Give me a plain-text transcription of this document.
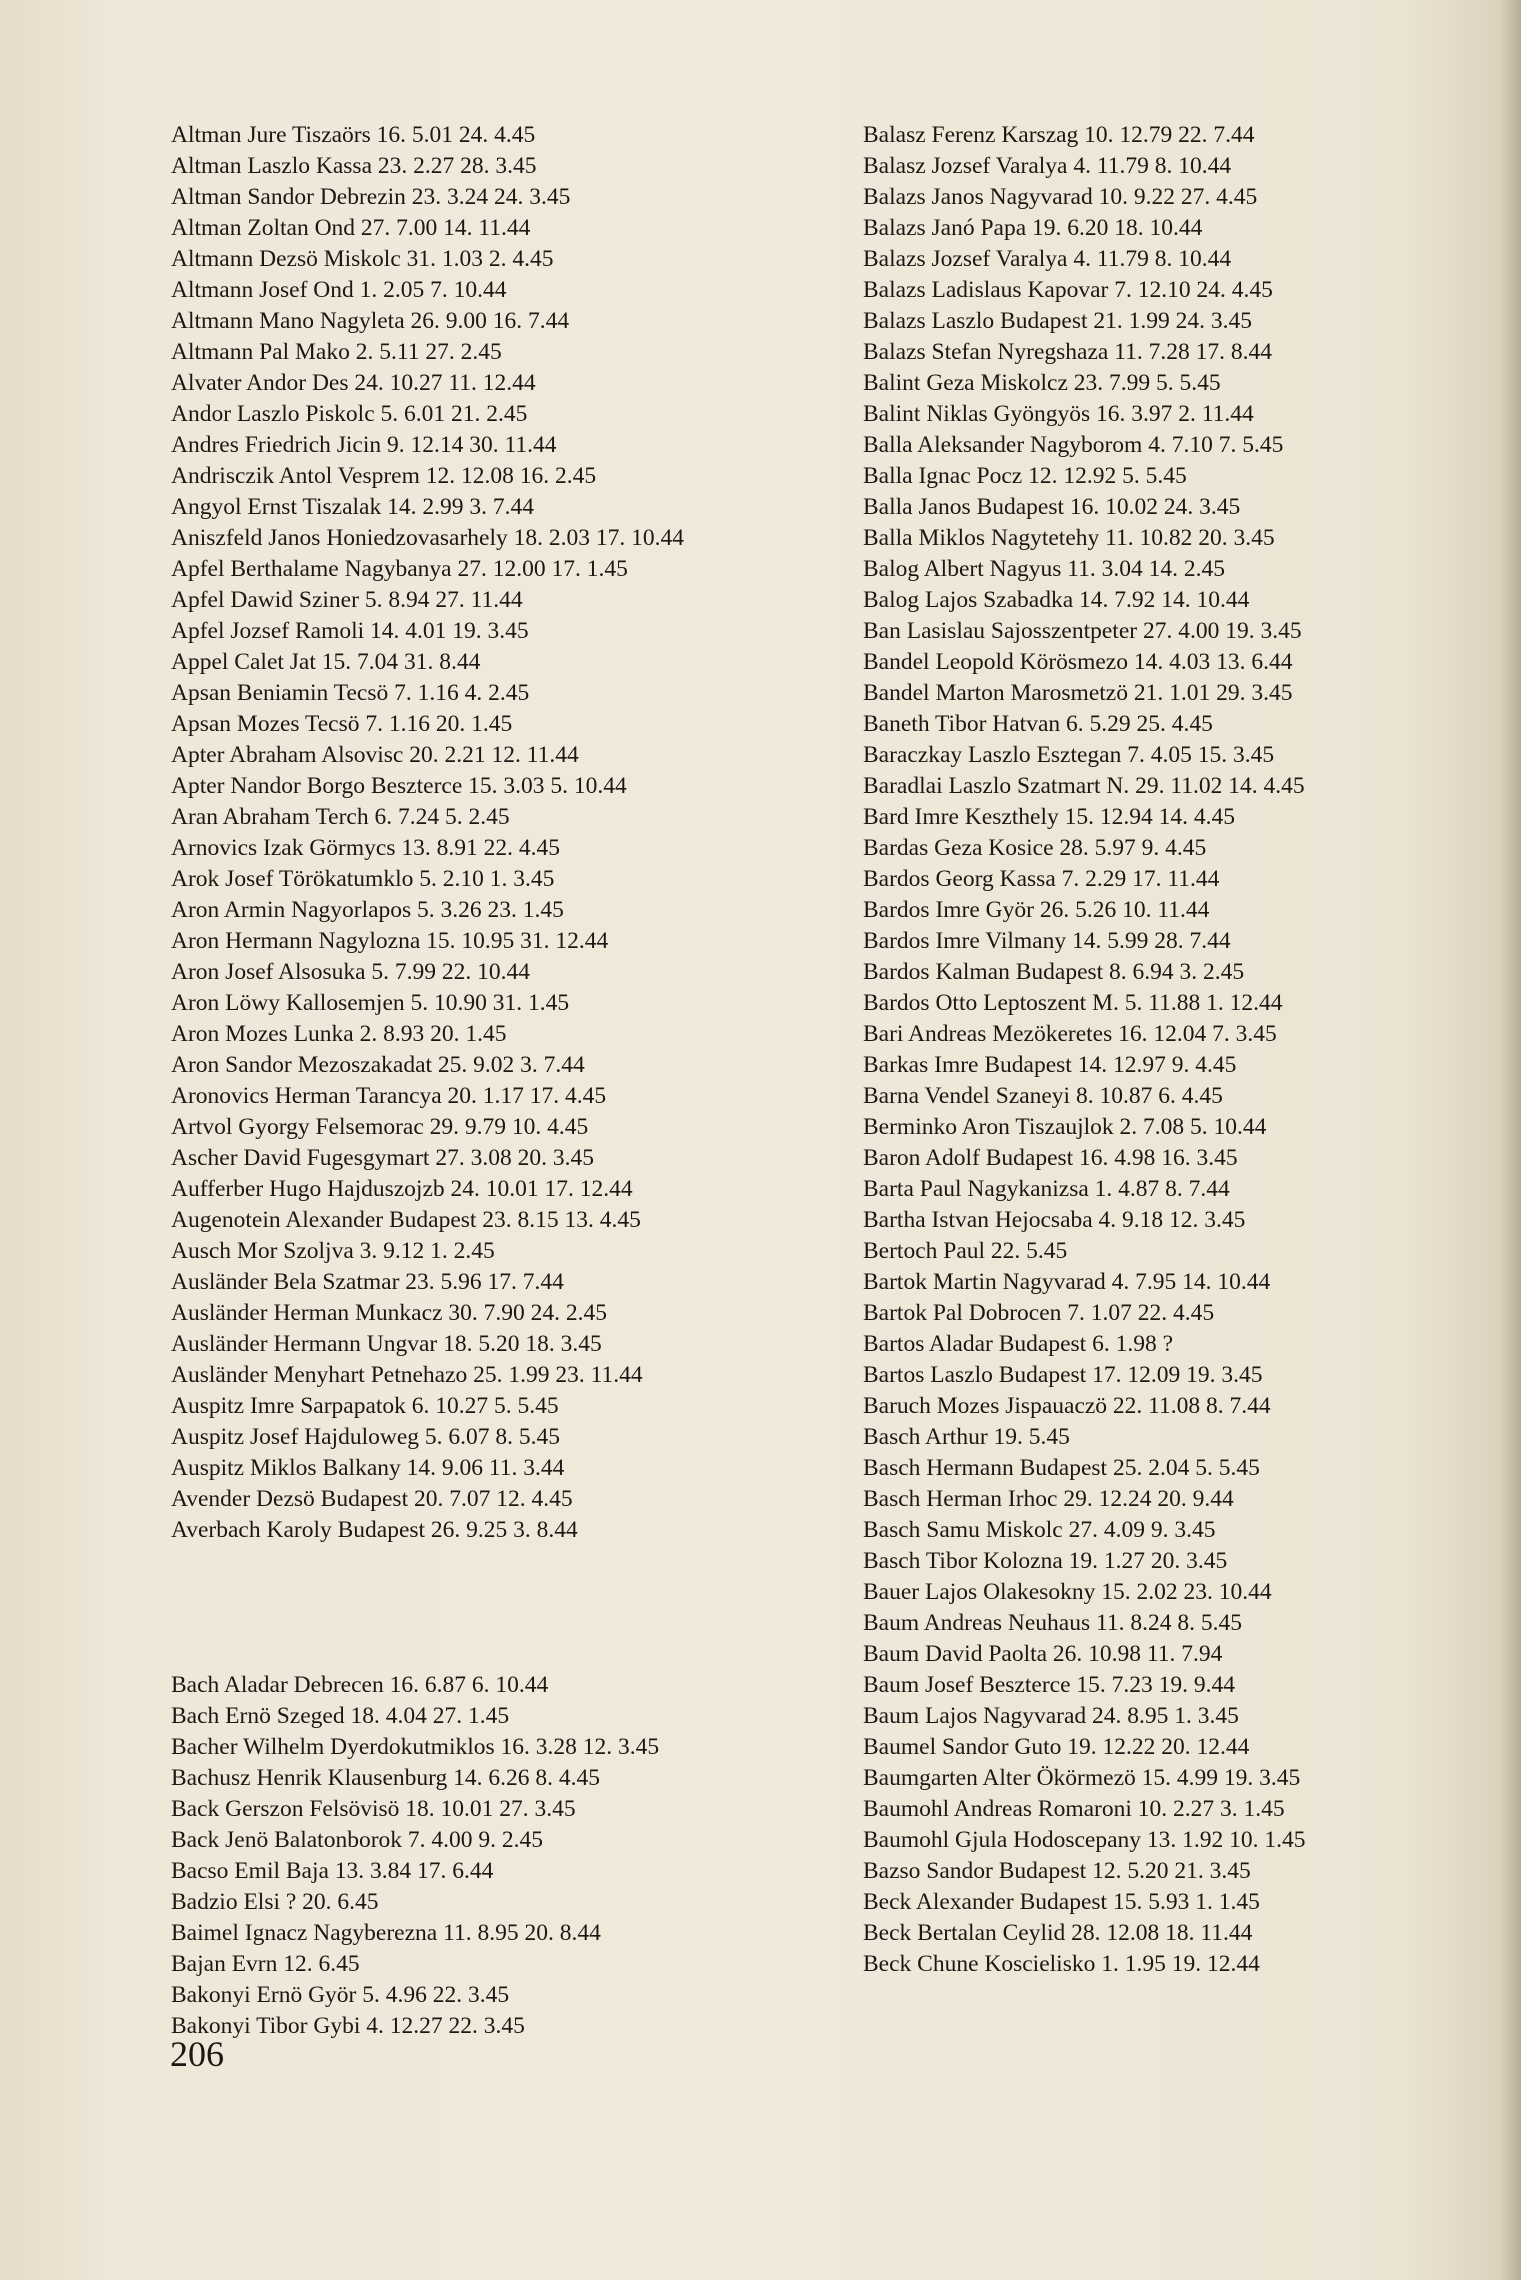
Altman Jure Tiszaörs 16. 5.01 24. 4.45
Altman Laszlo Kassa 23. 2.27 28. 3.45
Altman Sandor Debrezin 23. 3.24 24. 3.45
Altman Zoltan Ond 27. 7.00 14. 11.44
Altmann Dezsö Miskolc 31. 1.03 2. 4.45
Altmann Josef Ond 1. 2.05 7. 10.44
Altmann Mano Nagyleta 26. 9.00 16. 7.44
Altmann Pal Mako 2. 5.11 27. 2.45
Alvater Andor Des 24. 10.27 11. 12.44
Andor Laszlo Piskolc 5. 6.01 21. 2.45
Andres Friedrich Jicin 9. 12.14 30. 11.44
Andrisczik Antol Vesprem 12. 12.08 16. 2.45
Angyol Ernst Tiszalak 14. 2.99 3. 7.44
Aniszfeld Janos Honiedzovasarhely 18. 2.03 17. 10.44
Apfel Berthalame Nagybanya 27. 12.00 17. 1.45
Apfel Dawid Sziner 5. 8.94 27. 11.44
Apfel Jozsef Ramoli 14. 4.01 19. 3.45
Appel Calet Jat 15. 7.04 31. 8.44
Apsan Beniamin Tecsö 7. 1.16 4. 2.45
Apsan Mozes Tecsö 7. 1.16 20. 1.45
Apter Abraham Alsovisc 20. 2.21 12. 11.44
Apter Nandor Borgo Beszterce 15. 3.03 5. 10.44
Aran Abraham Terch 6. 7.24 5. 2.45
Arnovics Izak Görmycs 13. 8.91 22. 4.45
Arok Josef Törökatumklo 5. 2.10 1. 3.45
Aron Armin Nagyorlapos 5. 3.26 23. 1.45
Aron Hermann Nagylozna 15. 10.95 31. 12.44
Aron Josef Alsosuka 5. 7.99 22. 10.44
Aron Löwy Kallosemjen 5. 10.90 31. 1.45
Aron Mozes Lunka 2. 8.93 20. 1.45
Aron Sandor Mezoszakadat 25. 9.02 3. 7.44
Aronovics Herman Tarancya 20. 1.17 17. 4.45
Artvol Gyorgy Felsemorac 29. 9.79 10. 4.45
Ascher David Fugesgymart 27. 3.08 20. 3.45
Aufferber Hugo Hajduszojzb 24. 10.01 17. 12.44
Augenotein Alexander Budapest 23. 8.15 13. 4.45
Ausch Mor Szoljva 3. 9.12 1. 2.45
Ausländer Bela Szatmar 23. 5.96 17. 7.44
Ausländer Herman Munkacz 30. 7.90 24. 2.45
Ausländer Hermann Ungvar 18. 5.20 18. 3.45
Ausländer Menyhart Petnehazo 25. 1.99 23. 11.44
Auspitz Imre Sarpapatok 6. 10.27 5. 5.45
Auspitz Josef Hajduloweg 5. 6.07 8. 5.45
Auspitz Miklos Balkany 14. 9.06 11. 3.44
Avender Dezsö Budapest 20. 7.07 12. 4.45
Averbach Karoly Budapest 26. 9.25 3. 8.44
Bach Aladar Debrecen 16. 6.87 6. 10.44
Bach Ernö Szeged 18. 4.04 27. 1.45
Bacher Wilhelm Dyerdokutmiklos 16. 3.28 12. 3.45
Bachusz Henrik Klausenburg 14. 6.26 8. 4.45
Back Gerszon Felsövisö 18. 10.01 27. 3.45
Back Jenö Balatonborok 7. 4.00 9. 2.45
Bacso Emil Baja 13. 3.84 17. 6.44
Badzio Elsi ? 20. 6.45
Baimel Ignacz Nagyberezna 11. 8.95 20. 8.44
Bajan Evrn 12. 6.45
Bakonyi Ernö Györ 5. 4.96 22. 3.45
Bakonyi Tibor Gybi 4. 12.27 22. 3.45
Balasz Ferenz Karszag 10. 12.79 22. 7.44
Balasz Jozsef Varalya 4. 11.79 8. 10.44
Balazs Janos Nagyvarad 10. 9.22 27. 4.45
Balazs Janó Papa 19. 6.20 18. 10.44
Balazs Jozsef Varalya 4. 11.79 8. 10.44
Balazs Ladislaus Kapovar 7. 12.10 24. 4.45
Balazs Laszlo Budapest 21. 1.99 24. 3.45
Balazs Stefan Nyregshaza 11. 7.28 17. 8.44
Balint Geza Miskolcz 23. 7.99 5. 5.45
Balint Niklas Gyöngyös 16. 3.97 2. 11.44
Balla Aleksander Nagyborom 4. 7.10 7. 5.45
Balla Ignac Pocz 12. 12.92 5. 5.45
Balla Janos Budapest 16. 10.02 24. 3.45
Balla Miklos Nagytetehy 11. 10.82 20. 3.45
Balog Albert Nagyus 11. 3.04 14. 2.45
Balog Lajos Szabadka 14. 7.92 14. 10.44
Ban Lasislau Sajosszentpeter 27. 4.00 19. 3.45
Bandel Leopold Körösmezo 14. 4.03 13. 6.44
Bandel Marton Marosmetzö 21. 1.01 29. 3.45
Baneth Tibor Hatvan 6. 5.29 25. 4.45
Baraczkay Laszlo Esztegan 7. 4.05 15. 3.45
Baradlai Laszlo Szatmart N. 29. 11.02 14. 4.45
Bard Imre Keszthely 15. 12.94 14. 4.45
Bardas Geza Kosice 28. 5.97 9. 4.45
Bardos Georg Kassa 7. 2.29 17. 11.44
Bardos Imre Györ 26. 5.26 10. 11.44
Bardos Imre Vilmany 14. 5.99 28. 7.44
Bardos Kalman Budapest 8. 6.94 3. 2.45
Bardos Otto Leptoszent M. 5. 11.88 1. 12.44
Bari Andreas Mezökeretes 16. 12.04 7. 3.45
Barkas Imre Budapest 14. 12.97 9. 4.45
Barna Vendel Szaneyi 8. 10.87 6. 4.45
Berminko Aron Tiszaujlok 2. 7.08 5. 10.44
Baron Adolf Budapest 16. 4.98 16. 3.45
Barta Paul Nagykanizsa 1. 4.87 8. 7.44
Bartha Istvan Hejocsaba 4. 9.18 12. 3.45
Bertoch Paul 22. 5.45
Bartok Martin Nagyvarad 4. 7.95 14. 10.44
Bartok Pal Dobrocen 7. 1.07 22. 4.45
Bartos Aladar Budapest 6. 1.98 ?
Bartos Laszlo Budapest 17. 12.09 19. 3.45
Baruch Mozes Jispauaczö 22. 11.08 8. 7.44
Basch Arthur 19. 5.45
Basch Hermann Budapest 25. 2.04 5. 5.45
Basch Herman Irhoc 29. 12.24 20. 9.44
Basch Samu Miskolc 27. 4.09 9. 3.45
Basch Tibor Kolozna 19. 1.27 20. 3.45
Bauer Lajos Olakesokny 15. 2.02 23. 10.44
Baum Andreas Neuhaus 11. 8.24 8. 5.45
Baum David Paolta 26. 10.98 11. 7.94
Baum Josef Beszterce 15. 7.23 19. 9.44
Baum Lajos Nagyvarad 24. 8.95 1. 3.45
Baumel Sandor Guto 19. 12.22 20. 12.44
Baumgarten Alter Ökörmezö 15. 4.99 19. 3.45
Baumohl Andreas Romaroni 10. 2.27 3. 1.45
Baumohl Gjula Hodoscepany 13. 1.92 10. 1.45
Bazso Sandor Budapest 12. 5.20 21. 3.45
Beck Alexander Budapest 15. 5.93 1. 1.45
Beck Bertalan Ceylid 28. 12.08 18. 11.44
Beck Chune Koscielisko 1. 1.95 19. 12.44
206
